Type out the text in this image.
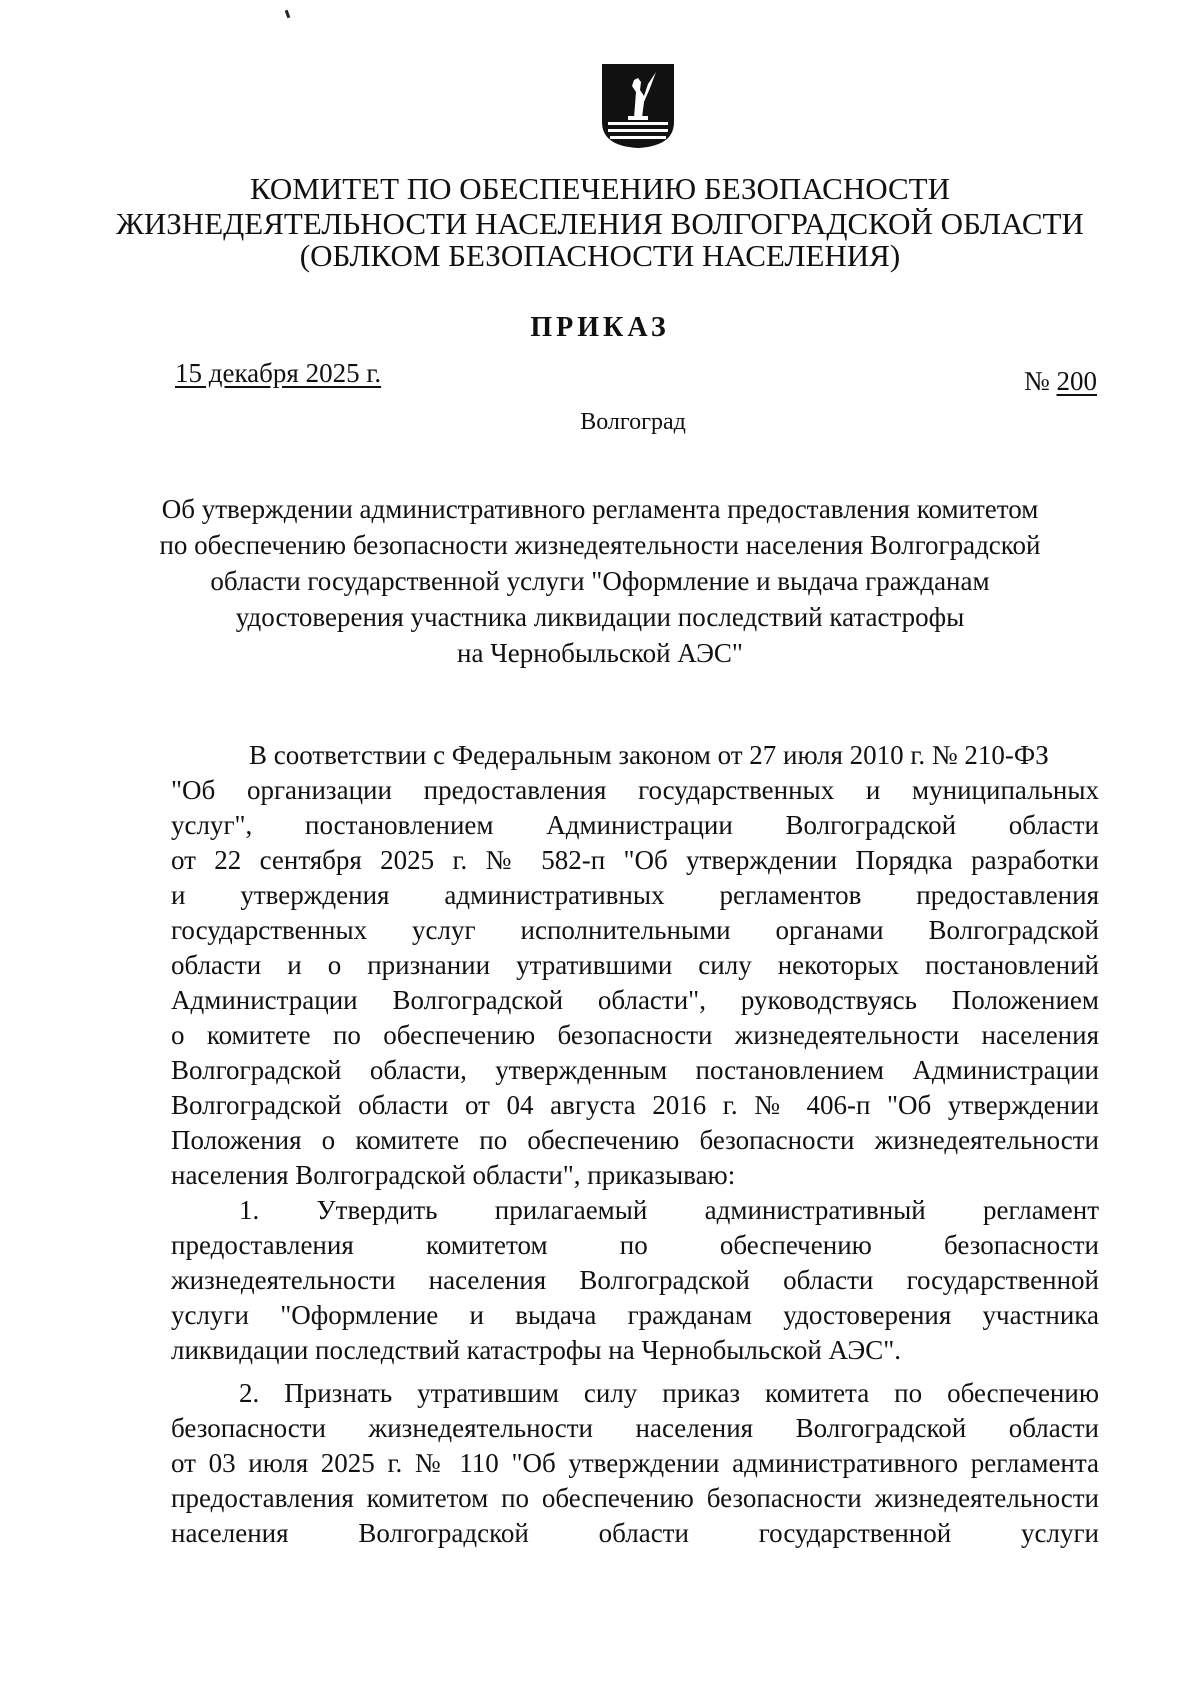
КОМИТЕТ ПО ОБЕСПЕЧЕНИЮ БЕЗОПАСНОСТИ
ЖИЗНЕДЕЯТЕЛЬНОСТИ НАСЕЛЕНИЯ ВОЛГОГРАДСКОЙ ОБЛАСТИ
(ОБЛКОМ БЕЗОПАСНОСТИ НАСЕЛЕНИЯ)
ПРИКАЗ
15 декабря 2025 г.	№ 200
Волгоград
Об утверждении административного регламента предоставления комитетом
по обеспечению безопасности жизнедеятельности населения Волгоградской
области государственной услуги "Оформление и выдача гражданам
удостоверения участника ликвидации последствий катастрофы
на Чернобыльской АЭС"
В соответствии с Федеральным законом от 27 июля 2010 г. № 210-ФЗ
"Об организации предоставления государственных и муниципальных
услуг", постановлением Администрации Волгоградской области
от 22 сентября 2025 г. № 582-п "Об утверждении Порядка разработки
и утверждения административных регламентов предоставления
государственных услуг исполнительными органами Волгоградской
области и о признании утратившими силу некоторых постановлений
Администрации Волгоградской области", руководствуясь Положением
о комитете по обеспечению безопасности жизнедеятельности населения
Волгоградской области, утвержденным постановлением Администрации
Волгоградской области от 04 августа 2016 г. № 406-п "Об утверждении
Положения о комитете по обеспечению безопасности жизнедеятельности
населения Волгоградской области", приказываю:
1. Утвердить прилагаемый административный регламент
предоставления комитетом по обеспечению безопасности
жизнедеятельности населения Волгоградской области государственной
услуги "Оформление и выдача гражданам удостоверения участника
ликвидации последствий катастрофы на Чернобыльской АЭС".
2. Признать утратившим силу приказ комитета по обеспечению
безопасности жизнедеятельности населения Волгоградской области
от 03 июля 2025 г. № 110 "Об утверждении административного регламента
предоставления комитетом по обеспечению безопасности жизнедеятельности
населения Волгоградской области государственной услуги
